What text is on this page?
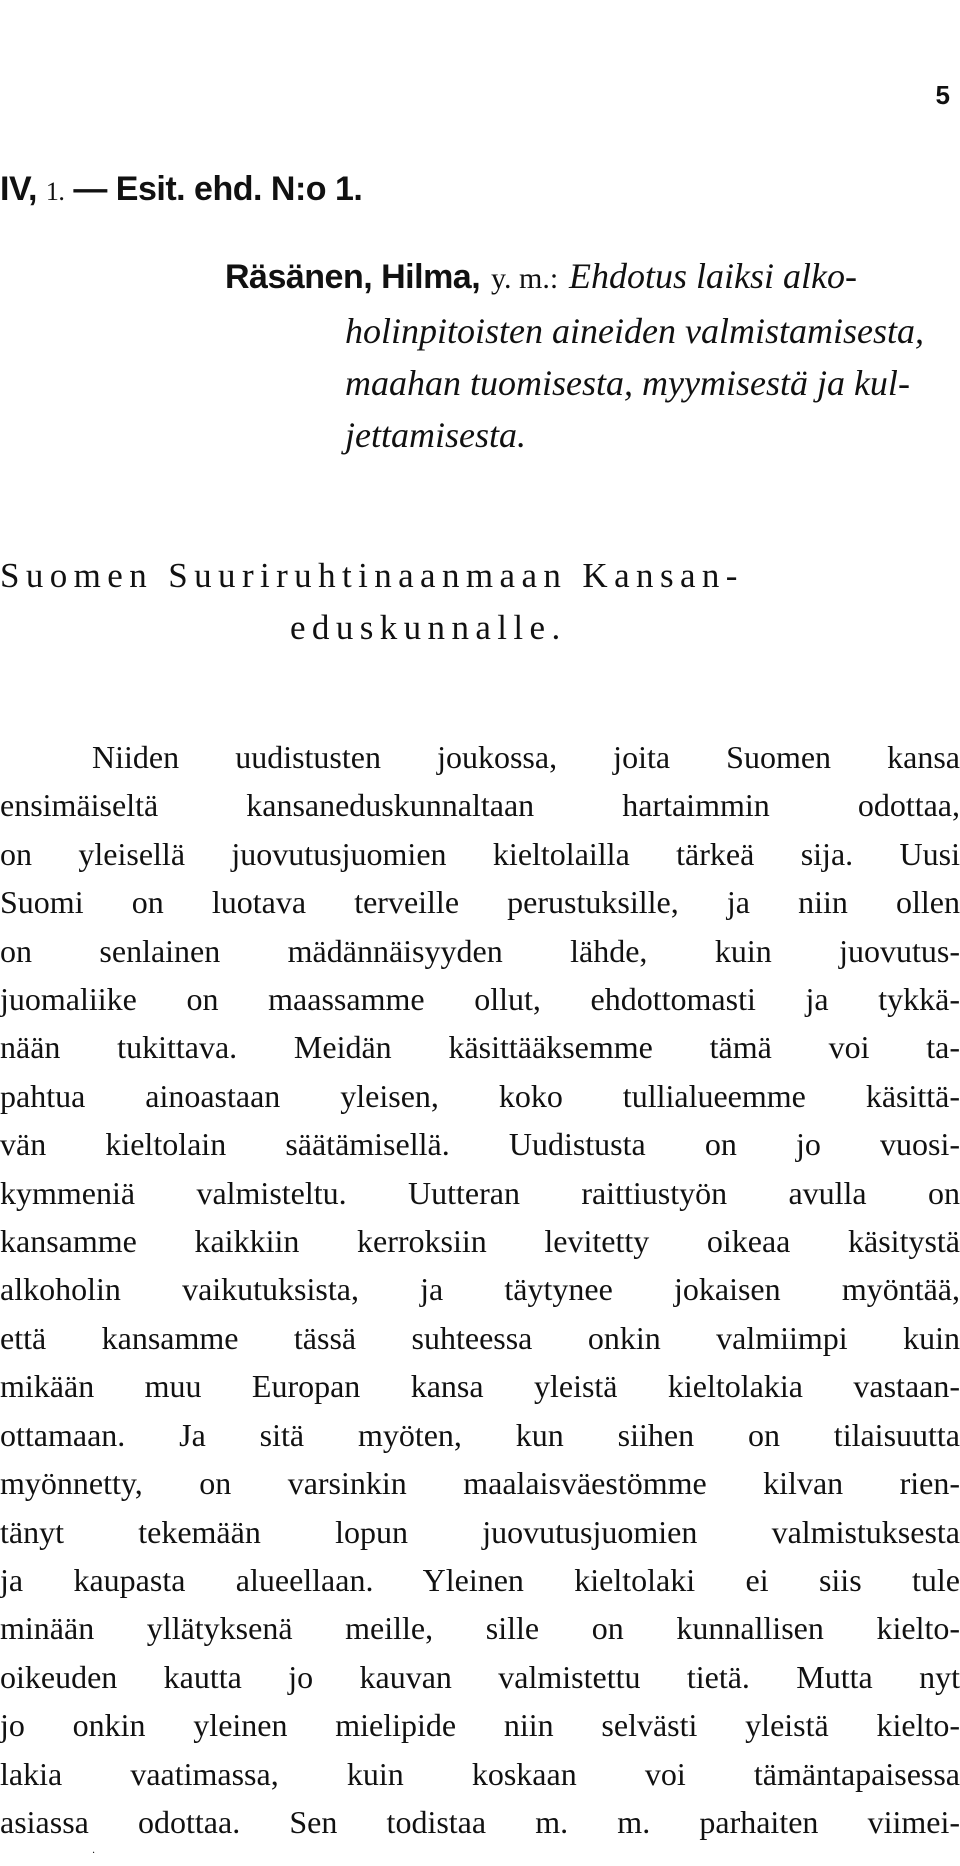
5
IV, 1. — Esit. ehd. N:o 1.
Räsänen, Hilma, y. m.: Ehdotus laiksi alko-
holinpitoisten aineiden valmistamisesta,
maahan tuomisesta, myymisestä ja kul-
jettamisesta.
Suomen Suuriruhtinaanmaan Kansan-
eduskunnalle.
Niiden uudistusten joukossa, joita Suomen kansa
ensimäiseltä kansaneduskunnaltaan hartaimmin odottaa,
on yleisellä juovutusjuomien kieltolailla tärkeä sija. Uusi
Suomi on luotava terveille perustuksille, ja niin ollen
on senlainen mädännäisyyden lähde, kuin juovutus-
juomaliike on maassamme ollut, ehdottomasti ja tykkä-
nään tukittava. Meidän käsittääksemme tämä voi ta-
pahtua ainoastaan yleisen, koko tullialueemme käsittä-
vän kieltolain säätämisellä. Uudistusta on jo vuosi-
kymmeniä valmisteltu. Uutteran raittiustyön avulla on
kansamme kaikkiin kerroksiin levitetty oikeaa käsitystä
alkoholin vaikutuksista, ja täytynee jokaisen myöntää,
että kansamme tässä suhteessa onkin valmiimpi kuin
mikään muu Europan kansa yleistä kieltolakia vastaan-
ottamaan. Ja sitä myöten, kun siihen on tilaisuutta
myönnetty, on varsinkin maalaisväestömme kilvan rien-
tänyt tekemään lopun juovutusjuomien valmistuksesta
ja kaupasta alueellaan. Yleinen kieltolaki ei siis tule
minään yllätyksenä meille, sille on kunnallisen kielto-
oikeuden kautta jo kauvan valmistettu tietä. Mutta nyt
jo onkin yleinen mielipide niin selvästi yleistä kielto-
lakia vaatimassa, kuin koskaan voi tämäntapaisessa
asiassa odottaa. Sen todistaa m. m. parhaiten viimei-
·
